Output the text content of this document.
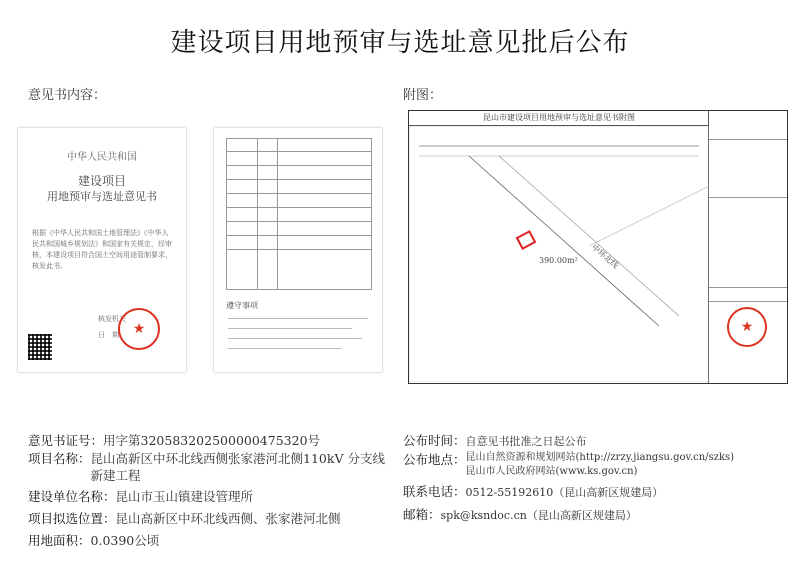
建设项目用地预审与选址意见批后公布
意见书内容：	附图：
中华人民共和国
建设项目
用地预审与选址意见书
根据《中华人民共和国土地管理法》《中华人民共和国城乡规划法》和国家有关规定，经审核，本建设项目符合国土空间用途管制要求，核发此书。
核发机关
日　期 ★
遵守事项
昆山市建设项目用地预审与选址意见书附图
★
390.00m² 中环北线
意见书证号：用字第320583202500000475320号
项目名称： 昆山高新区中环北线西侧张家港河北侧110kV 分支线新建工程
建设单位名称：昆山市玉山镇建设管理所
项目拟选位置：昆山高新区中环北线西侧、张家港河北侧
用地面积：0.0390公顷
公布时间：自意见书批准之日起公布
公布地点： 昆山自然资源和规划网站(http://zrzy.jiangsu.gov.cn/szks)
昆山市人民政府网站(www.ks.gov.cn)
联系电话：0512-55192610（昆山高新区规建局）
邮箱：spk@ksndoc.cn（昆山高新区规建局）
